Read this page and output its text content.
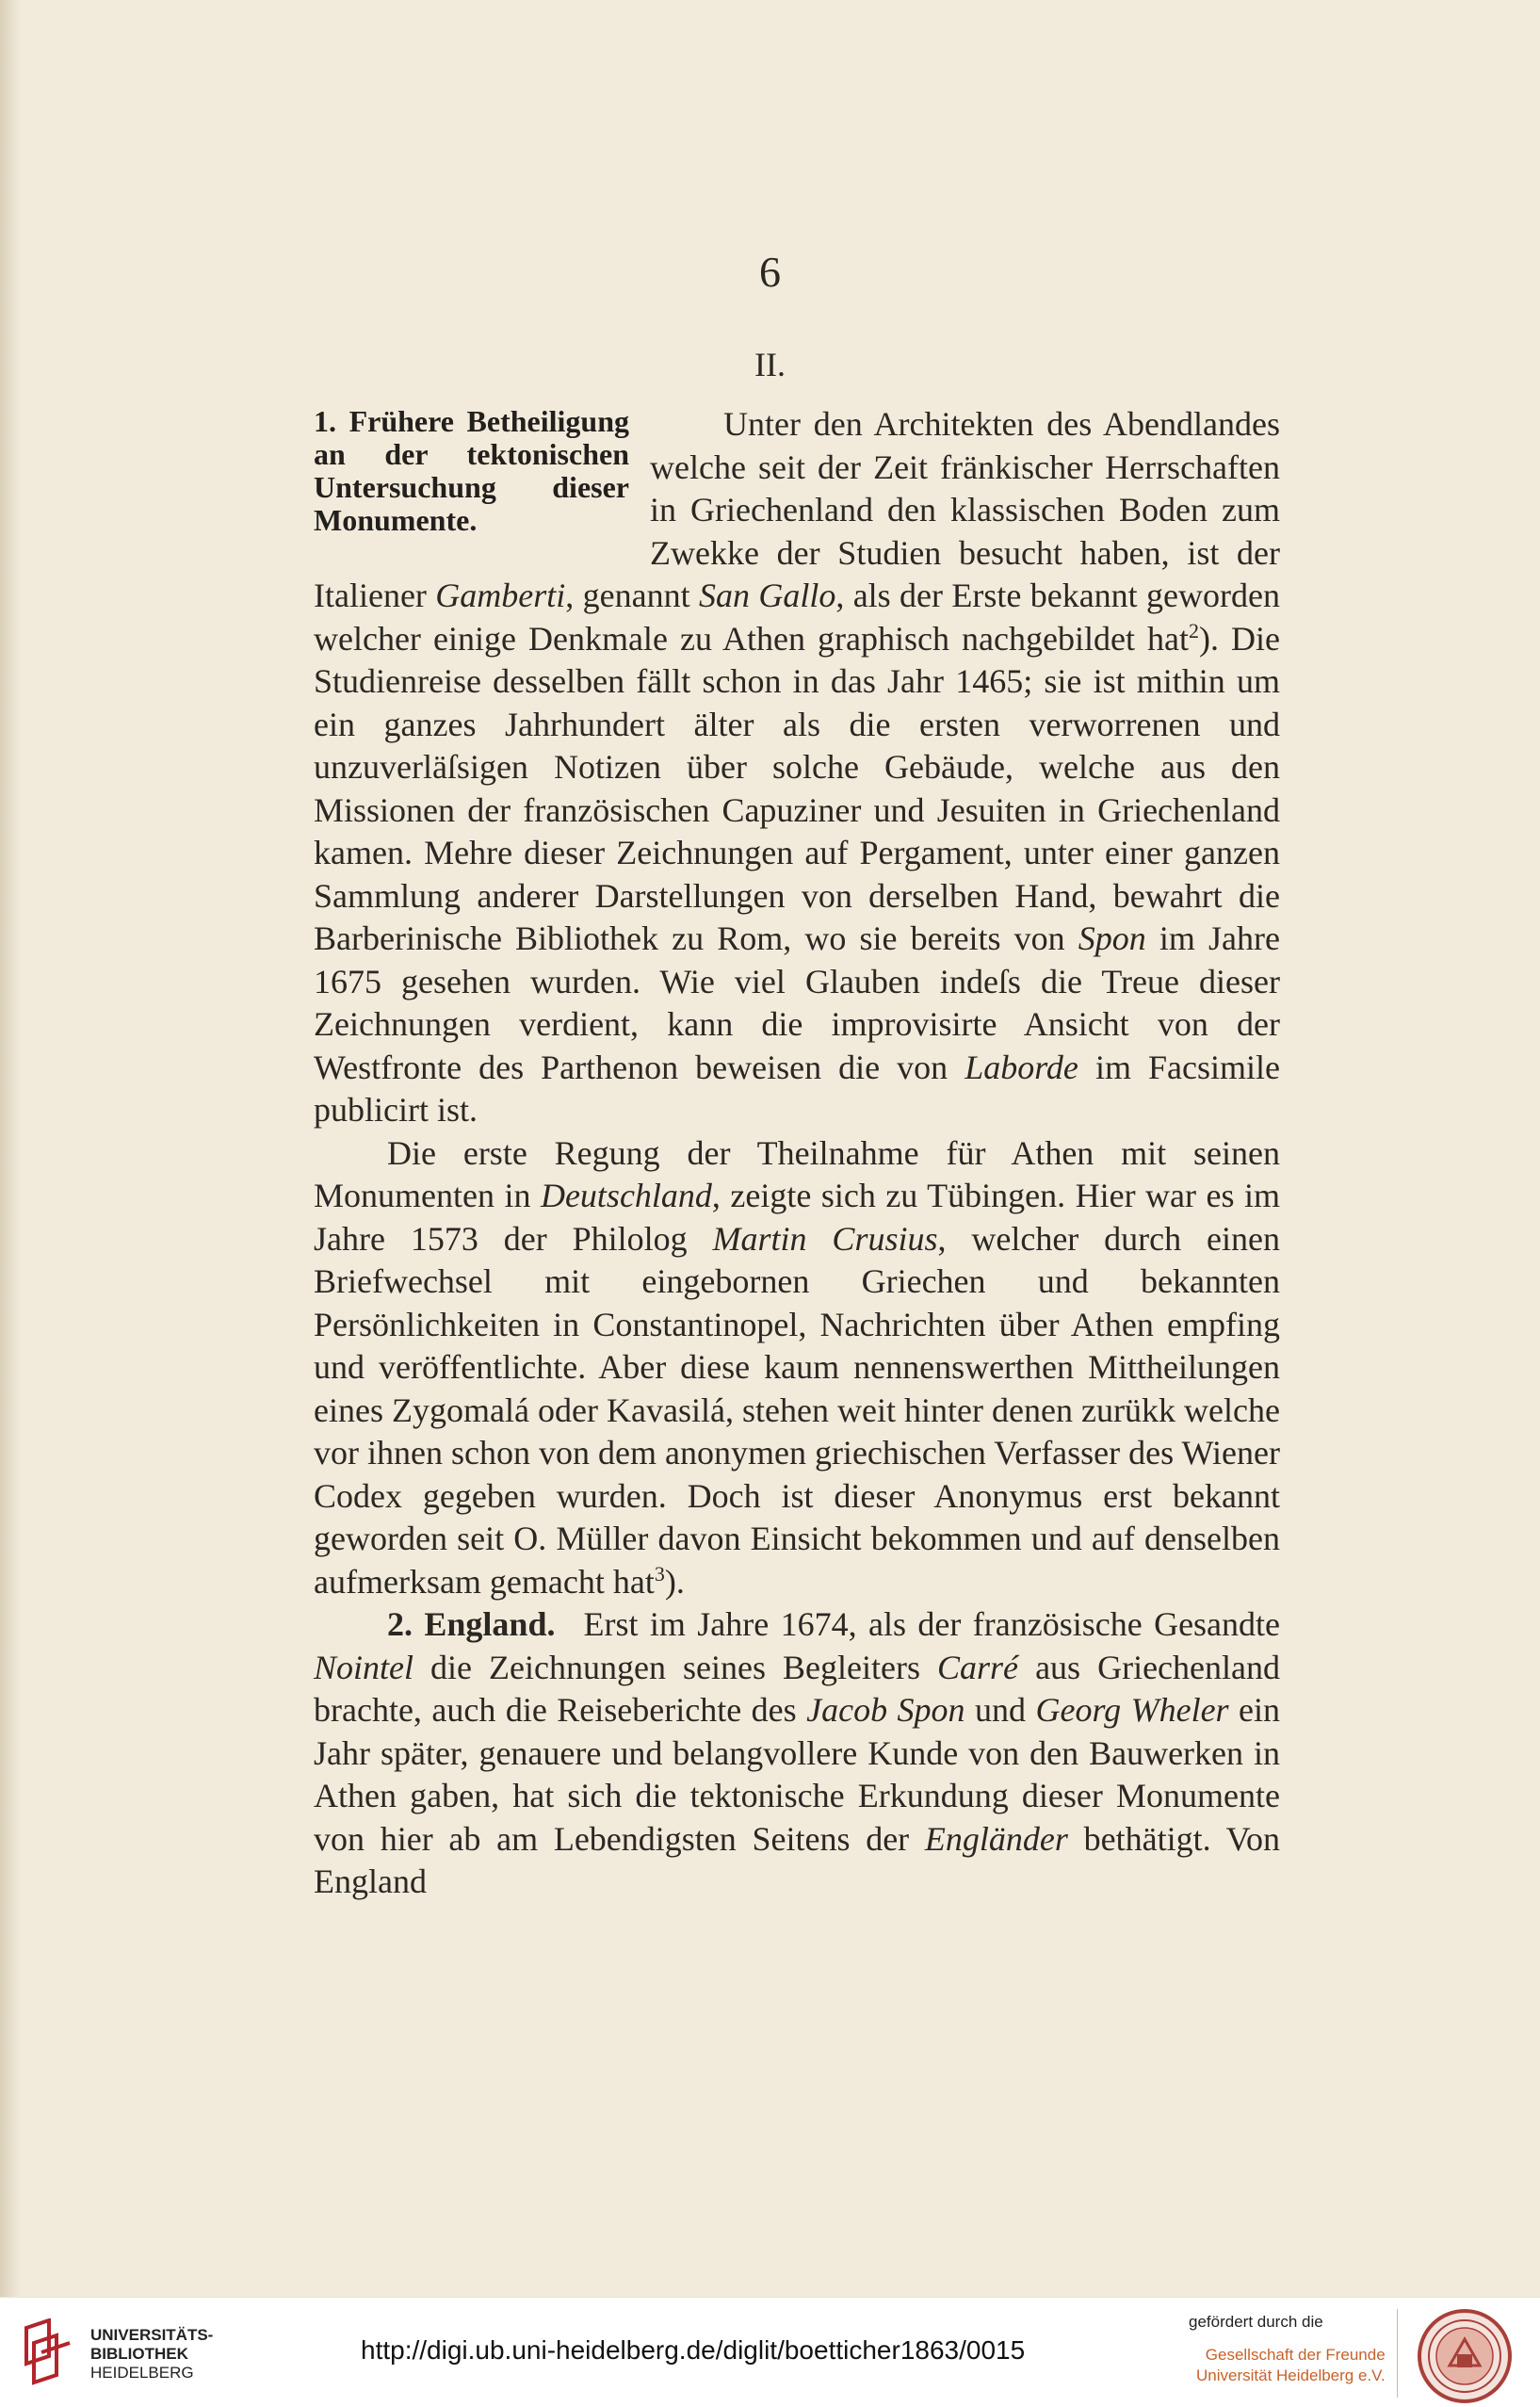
6
II.
1. Frühere Betheiligung an der tektonischen Untersuchung dieser Monumente.

Unter den Architekten des Abendlandes welche seit der Zeit fränkischer Herrschaften in Griechenland den klassischen Boden zum Zwekke der Studien besucht haben, ist der Italiener Gamberti, genannt San Gallo, als der Erste bekannt geworden welcher einige Denkmale zu Athen graphisch nachgebildet hat$^2$). Die Studienreise desselben fällt schon in das Jahr 1465; sie ist mithin um ein ganzes Jahrhundert älter als die ersten verworrenen und unzuverläſsigen Notizen über solche Gebäude, welche aus den Missionen der französischen Capuziner und Jesuiten in Griechenland kamen. Mehre dieser Zeichnungen auf Pergament, unter einer ganzen Sammlung anderer Darstellungen von derselben Hand, bewahrt die Barberinische Bibliothek zu Rom, wo sie bereits von Spon im Jahre 1675 gesehen wurden. Wie viel Glauben indeſs die Treue dieser Zeichnungen verdient, kann die improvisirte Ansicht von der Westfronte des Parthenon beweisen die von Laborde im Facsimile publicirt ist.

Die erste Regung der Theilnahme für Athen mit seinen Monumenten in Deutschland, zeigte sich zu Tübingen. Hier war es im Jahre 1573 der Philolog Martin Crusius, welcher durch einen Briefwechsel mit eingebornen Griechen und bekannten Persönlichkeiten in Constantinopel, Nachrichten über Athen empfing und veröffentlichte. Aber diese kaum nennenswerthen Mittheilungen eines Zygomalá oder Kavasilá, stehen weit hinter denen zurükk welche vor ihnen schon von dem anonymen griechischen Verfasser des Wiener Codex gegeben wurden. Doch ist dieser Anonymus erst bekannt geworden seit O. Müller davon Einsicht bekommen und auf denselben aufmerksam gemacht hat$^3$).

2. England. Erst im Jahre 1674, als der französische Gesandte Nointel die Zeichnungen seines Begleiters Carré aus Griechenland brachte, auch die Reiseberichte des Jacob Spon und Georg Wheler ein Jahr später, genauere und belangvollere Kunde von den Bauwerken in Athen gaben, hat sich die tektonische Erkundung dieser Monumente von hier ab am Lebendigsten Seitens der Engländer bethätigt. Von England

UNIVERSITÄTS-
BIBLIOTHEK
HEIDELBERG
http://digi.ub.uni-heidelberg.de/diglit/boetticher1863/0015
gefördert durch die
Gesellschaft der Freunde
Universität Heidelberg e.V.
